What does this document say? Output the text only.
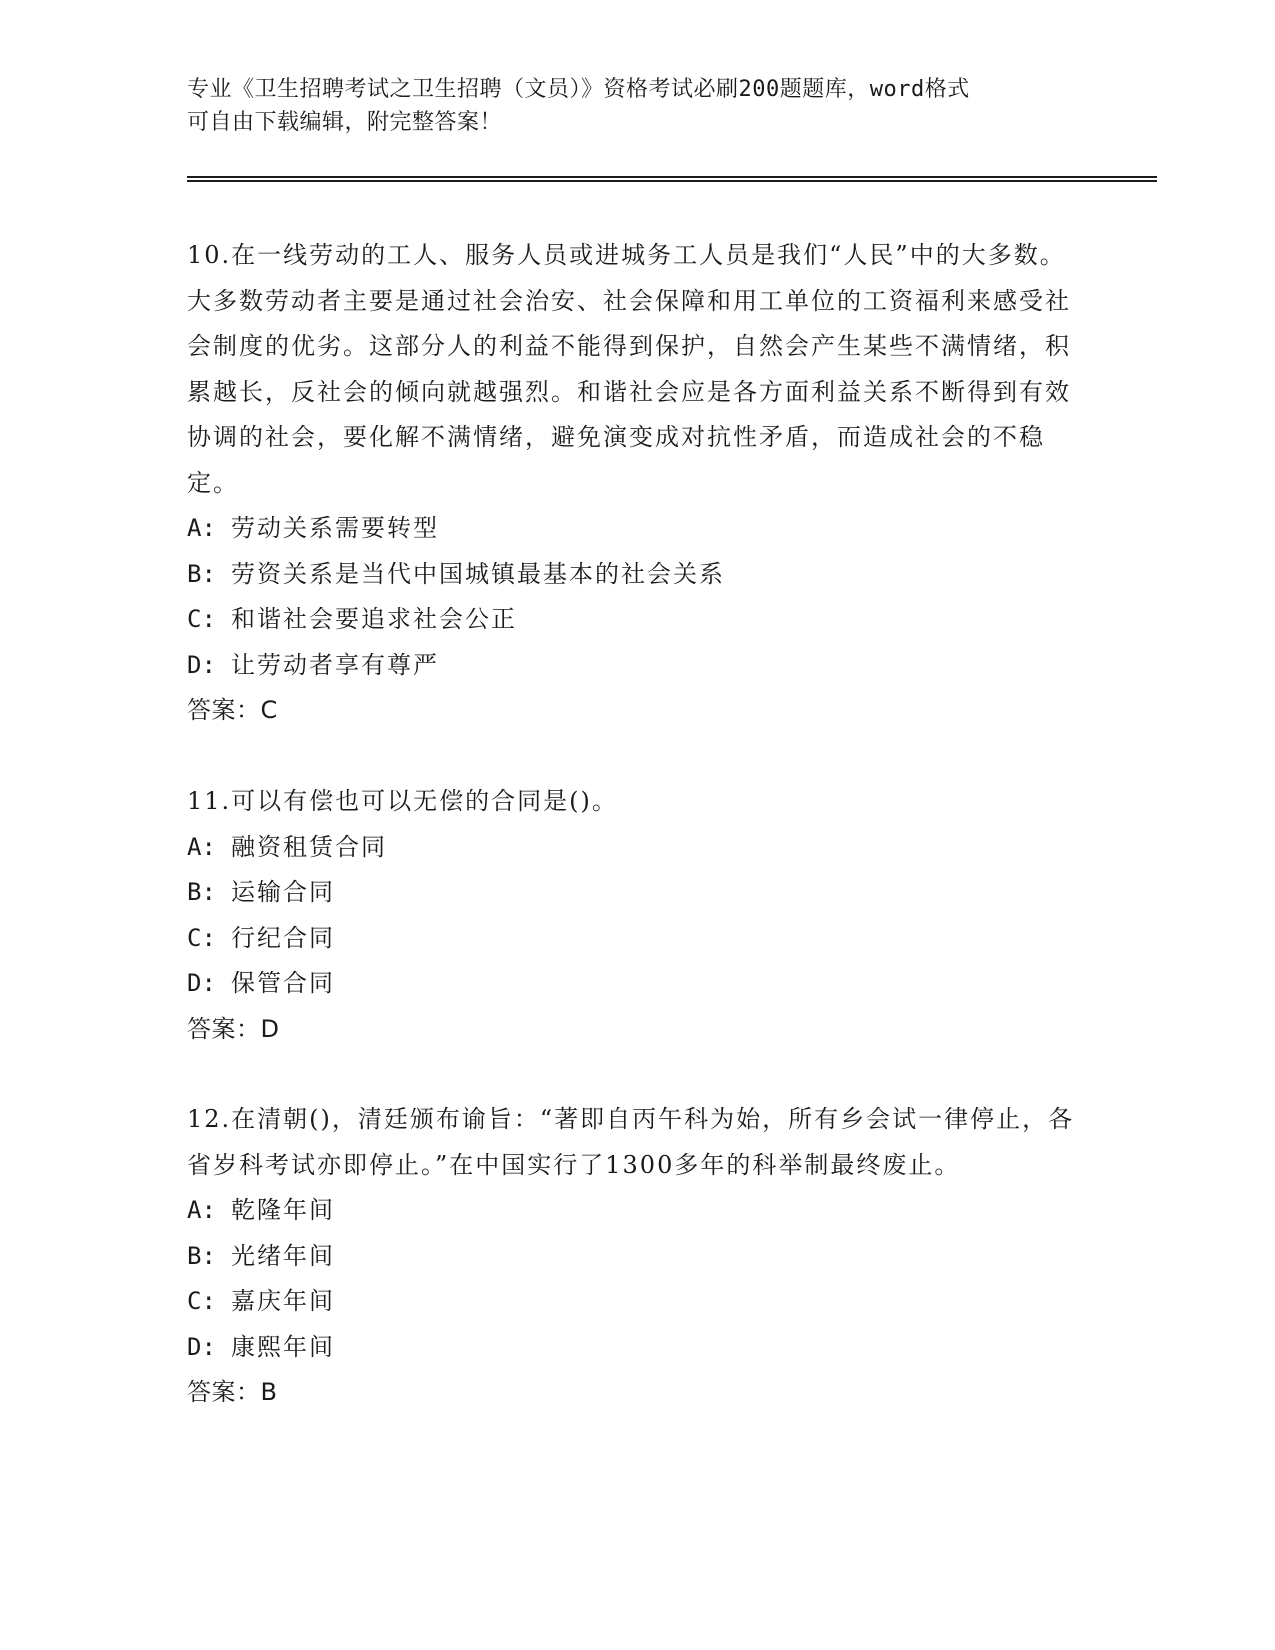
专业《卫生招聘考试之卫生招聘（文员）》资格考试必刷200题题库，word格式
可自由下载编辑，附完整答案！

10.在一线劳动的工人、服务人员或进城务工人员是我们“人民”中的大多数。大多数劳动者主要是通过社会治安、社会保障和用工单位的工资福利来感受社会制度的优劣。这部分人的利益不能得到保护，自然会产生某些不满情绪，积累越长，反社会的倾向就越强烈。和谐社会应是各方面利益关系不断得到有效协调的社会，要化解不满情绪，避免演变成对抗性矛盾，而造成社会的不稳定。

A: 劳动关系需要转型

B: 劳资关系是当代中国城镇最基本的社会关系

C: 和谐社会要追求社会公正

D: 让劳动者享有尊严

答案：C

11.可以有偿也可以无偿的合同是()。

A: 融资租赁合同

B: 运输合同

C: 行纪合同

D: 保管合同

答案：D

12.在清朝()，清廷颁布谕旨：“著即自丙午科为始，所有乡会试一律停止，各省岁科考试亦即停止。”在中国实行了1300多年的科举制最终废止。

A: 乾隆年间

B: 光绪年间

C: 嘉庆年间

D: 康熙年间

答案：B
